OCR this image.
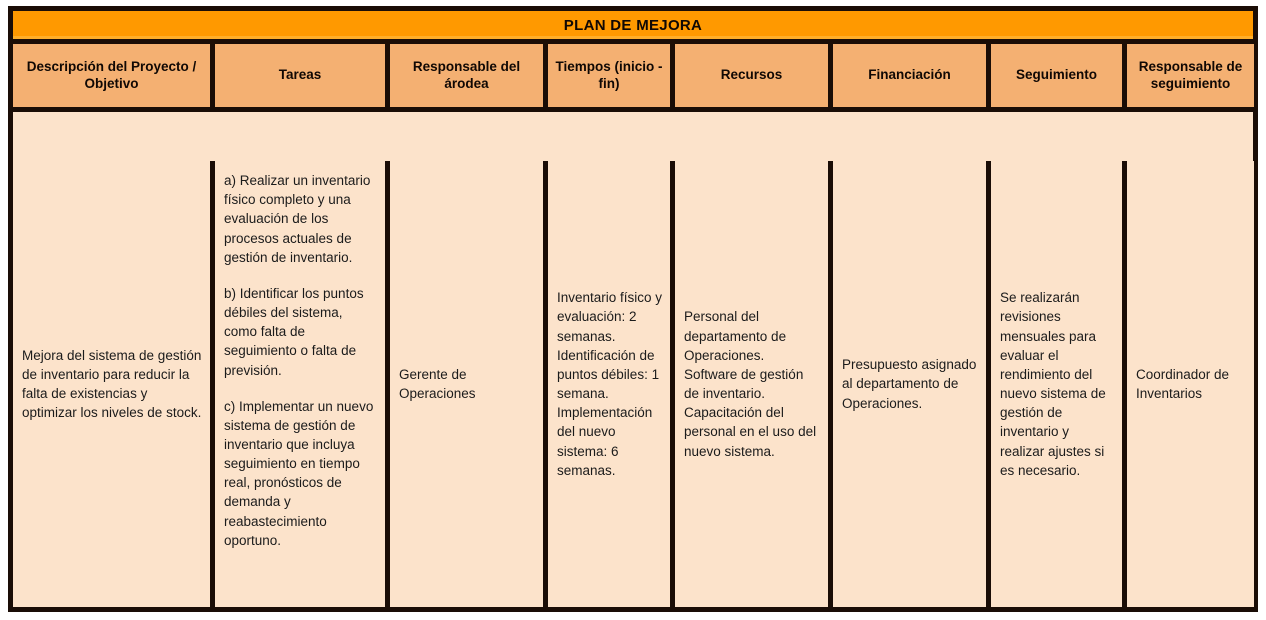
PLAN DE MEJORA
Descripción del Proyecto / Objetivo
Tareas
Responsable del árodea
Tiempos (inicio - fin)
Recursos	Financiación	Seguimiento
Responsable de seguimiento
Mejora del sistema de gestión de inventario para reducir la falta de existencias y optimizar los niveles de stock.
a) Realizar un inventario físico completo y una evaluación de los procesos actuales de gestión de inventario.
b) Identificar los puntos débiles del sistema, como falta de seguimiento o falta de previsión.
c) Implementar un nuevo sistema de gestión de inventario que incluya seguimiento en tiempo real, pronósticos de demanda y reabastecimiento oportuno.
Gerente de Operaciones
Inventario físico y evaluación: 2 semanas. Identificación de puntos débiles: 1 semana. Implementación del nuevo sistema: 6 semanas.
Personal del departamento de Operaciones. Software de gestión de inventario. Capacitación del personal en el uso del nuevo sistema.
Presupuesto asignado al departamento de Operaciones.
Se realizarán revisiones mensuales para evaluar el rendimiento del nuevo sistema de gestión de inventario y realizar ajustes si es necesario.
Coordinador de Inventarios
